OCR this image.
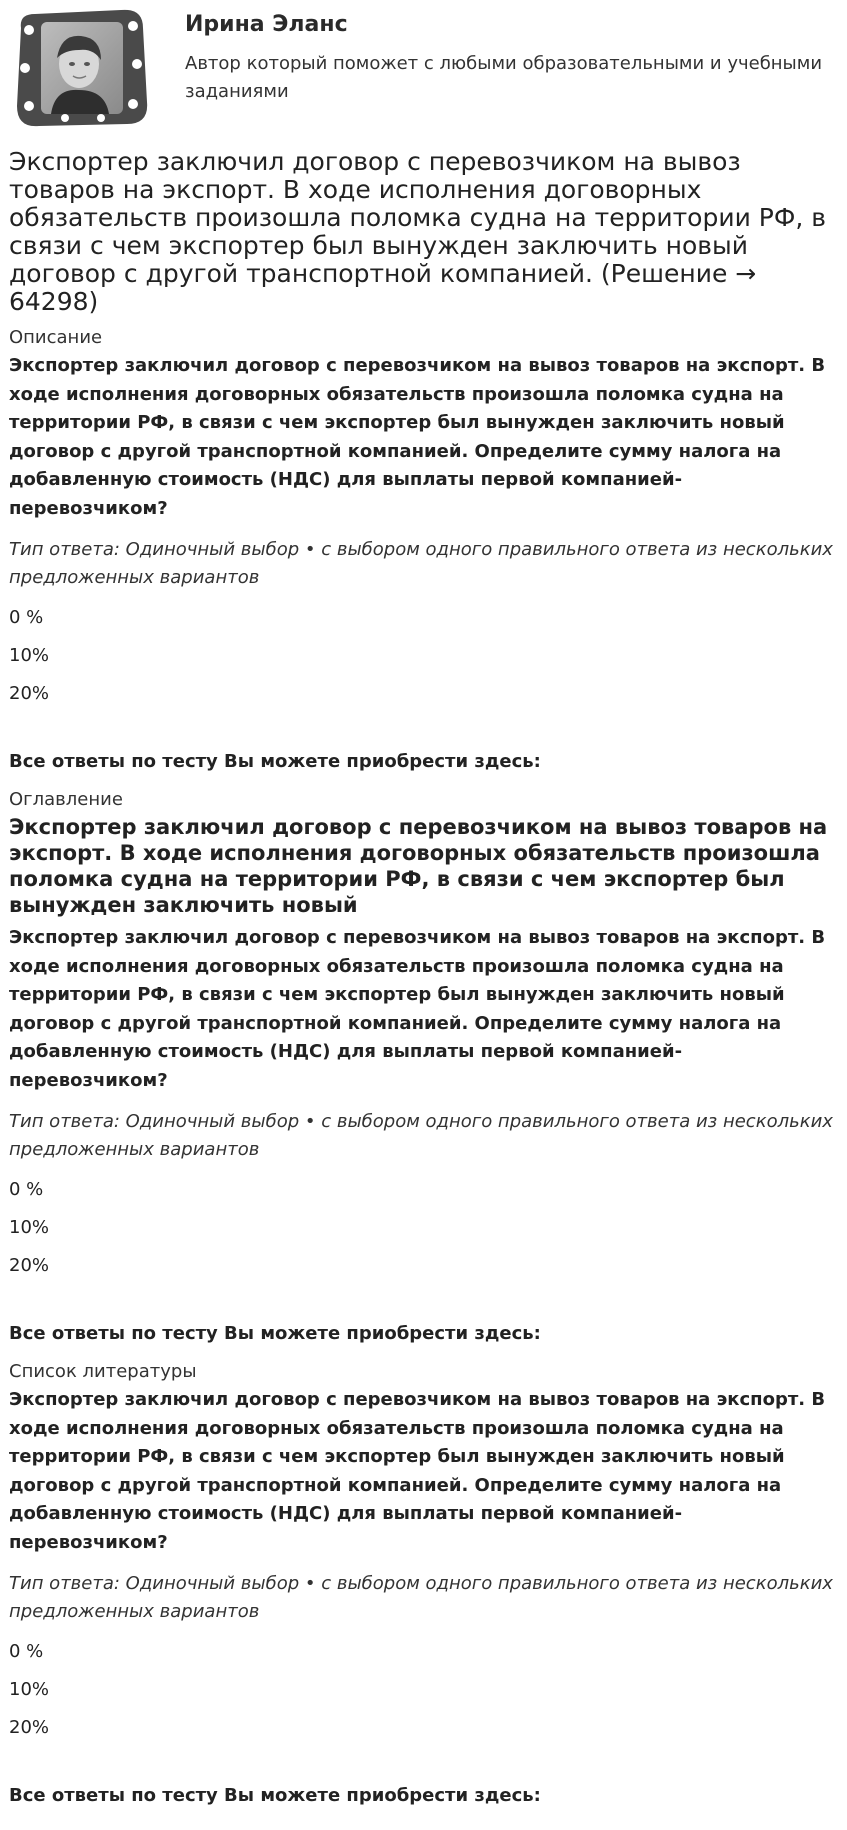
Ирина Эланс
Автор который поможет с любыми образовательными и учебными заданиями
Экспортер заключил договор с перевозчиком на вывоз товаров на экспорт. В ходе исполнения договорных обязательств произошла поломка судна на территории РФ, в связи с чем экспортер был вынужден заключить новый договор с другой транспортной компанией. (Решение → 64298)
Описание
Экспортер заключил договор с перевозчиком на вывоз товаров на экспорт. В ходе исполнения договорных обязательств произошла поломка судна на территории РФ, в связи с чем экспортер был вынужден заключить новый договор с другой транспортной компанией. Определите сумму налога на добавленную стоимость (НДС) для выплаты первой компанией-перевозчиком?
Тип ответа: Одиночный выбор • с выбором одного правильного ответа из нескольких предложенных вариантов
0 %
10%
20%
Все ответы по тесту Вы можете приобрести здесь:
Оглавление
Экспортер заключил договор с перевозчиком на вывоз товаров на экспорт. В ходе исполнения договорных обязательств произошла поломка судна на территории РФ, в связи с чем экспортер был вынужден заключить новый
Экспортер заключил договор с перевозчиком на вывоз товаров на экспорт. В ходе исполнения договорных обязательств произошла поломка судна на территории РФ, в связи с чем экспортер был вынужден заключить новый договор с другой транспортной компанией. Определите сумму налога на добавленную стоимость (НДС) для выплаты первой компанией-перевозчиком?
Тип ответа: Одиночный выбор • с выбором одного правильного ответа из нескольких предложенных вариантов
0 %
10%
20%
Все ответы по тесту Вы можете приобрести здесь:
Список литературы
Экспортер заключил договор с перевозчиком на вывоз товаров на экспорт. В ходе исполнения договорных обязательств произошла поломка судна на территории РФ, в связи с чем экспортер был вынужден заключить новый договор с другой транспортной компанией. Определите сумму налога на добавленную стоимость (НДС) для выплаты первой компанией-перевозчиком?
Тип ответа: Одиночный выбор • с выбором одного правильного ответа из нескольких предложенных вариантов
0 %
10%
20%
Все ответы по тесту Вы можете приобрести здесь:
